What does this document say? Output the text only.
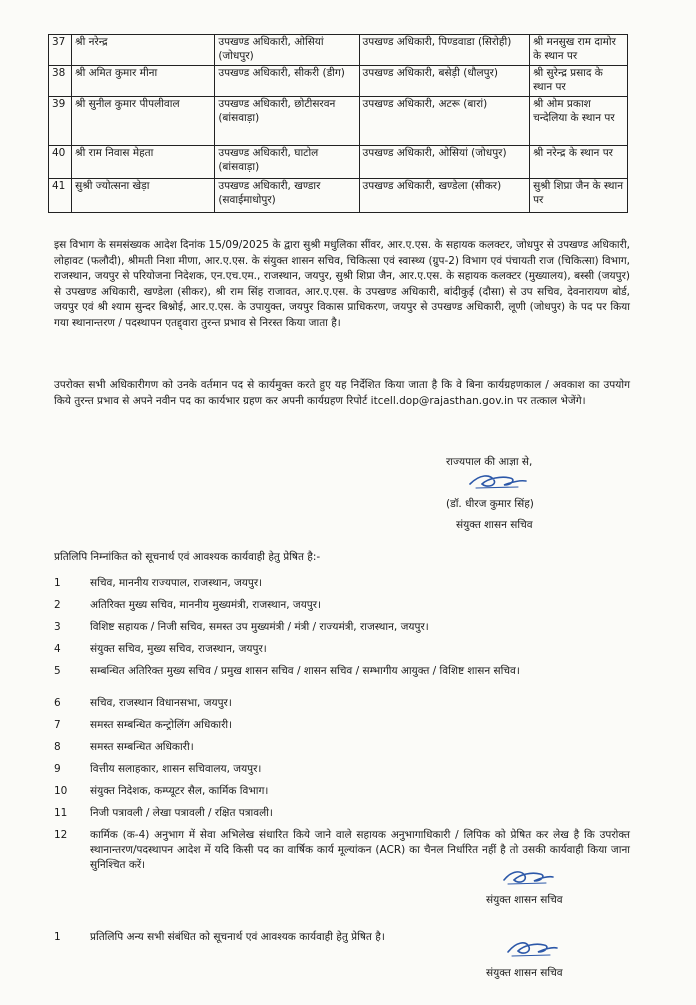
37	श्री नरेन्द्र	उपखण्ड अधिकारी, ओसियां (जोधपुर)	उपखण्ड अधिकारी, पिण्डवाडा (सिरोही)	श्री मनसुख राम दामोर के स्थान पर
38	श्री अमित कुमार मीना	उपखण्ड अधिकारी, सीकरी (डीग)	उपखण्ड अधिकारी, बसेड़ी (धौलपुर)	श्री सुरेन्द्र प्रसाद के स्थान पर
39	श्री सुनील कुमार पीपलीवाल	उपखण्ड अधिकारी, छोटीसरवन (बांसवाड़ा)	उपखण्ड अधिकारी, अटरू (बारां)	श्री ओम प्रकाश चन्देलिया के स्थान पर
40	श्री राम निवास मेहता	उपखण्ड अधिकारी, घाटोल (बांसवाड़ा)	उपखण्ड अधिकारी, ओसियां (जोधपुर)	श्री नरेन्द्र के स्थान पर
41	सुश्री ज्योत्सना खेड़ा	उपखण्ड अधिकारी, खण्डार (सवाईमाधोपुर)	उपखण्ड अधिकारी, खण्डेला (सीकर)	सुश्री शिप्रा जैन के स्थान पर

इस विभाग के समसंख्यक आदेश दिनांक 15/09/2025 के द्वारा सुश्री मधुलिका सींवर, आर.ए.एस. के सहायक कलक्टर, जोधपुर से उपखण्ड अधिकारी, लोहावट (फलौदी), श्रीमती निशा मीणा, आर.ए.एस. के संयुक्त शासन सचिव, चिकित्सा एवं स्वास्थ्य (ग्रुप-2) विभाग एवं पंचायती राज (चिकित्सा) विभाग, राजस्थान, जयपुर से परियोजना निदेशक, एन.एच.एम., राजस्थान, जयपुर, सुश्री शिप्रा जैन, आर.ए.एस. के सहायक कलक्टर (मुख्यालय), बस्सी (जयपुर) से उपखण्ड अधिकारी, खण्डेला (सीकर), श्री राम सिंह राजावत, आर.ए.एस. के उपखण्ड अधिकारी, बांदीकुई (दौसा) से उप सचिव, देवनारायण बोर्ड, जयपुर एवं श्री श्याम सुन्दर बिश्नोई, आर.ए.एस. के उपायुक्त, जयपुर विकास प्राधिकरण, जयपुर से उपखण्ड अधिकारी, लूणी (जोधपुर) के पद पर किया गया स्थानान्तरण / पदस्थापन एतद्द्वारा तुरन्त प्रभाव से निरस्त किया जाता है।

उपरोक्त सभी अधिकारीगण को उनके वर्तमान पद से कार्यमुक्त करते हुए यह निर्देशित किया जाता है कि वे बिना कार्यग्रहणकाल / अवकाश का उपयोग किये तुरन्त प्रभाव से अपने नवीन पद का कार्यभार ग्रहण कर अपनी कार्यग्रहण रिपोर्ट itcell.dop@rajasthan.gov.in पर तत्काल भेजेंगे।

राज्यपाल की आज्ञा से,
(डॉ. धीरज कुमार सिंह)
संयुक्त शासन सचिव
प्रतिलिपि निम्नांकित को सूचनार्थ एवं आवश्यक कार्यवाही हेतु प्रेषित है:-
1	सचिव, माननीय राज्यपाल, राजस्थान, जयपुर।
2	अतिरिक्त मुख्य सचिव, माननीय मुख्यमंत्री, राजस्थान, जयपुर।
3	विशिष्ट सहायक / निजी सचिव, समस्त उप मुख्यमंत्री / मंत्री / राज्यमंत्री, राजस्थान, जयपुर।
4	संयुक्त सचिव, मुख्य सचिव, राजस्थान, जयपुर।
5	सम्बन्धित अतिरिक्त मुख्य सचिव / प्रमुख शासन सचिव / शासन सचिव / सम्भागीय आयुक्त / विशिष्ट शासन सचिव।
6	सचिव, राजस्थान विधानसभा, जयपुर।
7	समस्त सम्बन्धित कन्ट्रोलिंग अधिकारी।
8	समस्त सम्बन्धित अधिकारी।
9	वित्तीय सलाहकार, शासन सचिवालय, जयपुर।
10	संयुक्त निदेशक, कम्प्यूटर सैल, कार्मिक विभाग।
11	निजी पत्रावली / लेखा पत्रावली / रक्षित पत्रावली।
12	कार्मिक (क-4) अनुभाग में सेवा अभिलेख संधारित किये जाने वाले सहायक अनुभागाधिकारी / लिपिक को प्रेषित कर लेख है कि उपरोक्त स्थानान्तरण/पदस्थापन आदेश में यदि किसी पद का वार्षिक कार्य मूल्यांकन (ACR) का चैनल निर्धारित नहीं है तो उसकी कार्यवाही किया जाना सुनिश्चित करें।
संयुक्त शासन सचिव
1	प्रतिलिपि अन्य सभी संबंधित को सूचनार्थ एवं आवश्यक कार्यवाही हेतु प्रेषित है।
संयुक्त शासन सचिव
